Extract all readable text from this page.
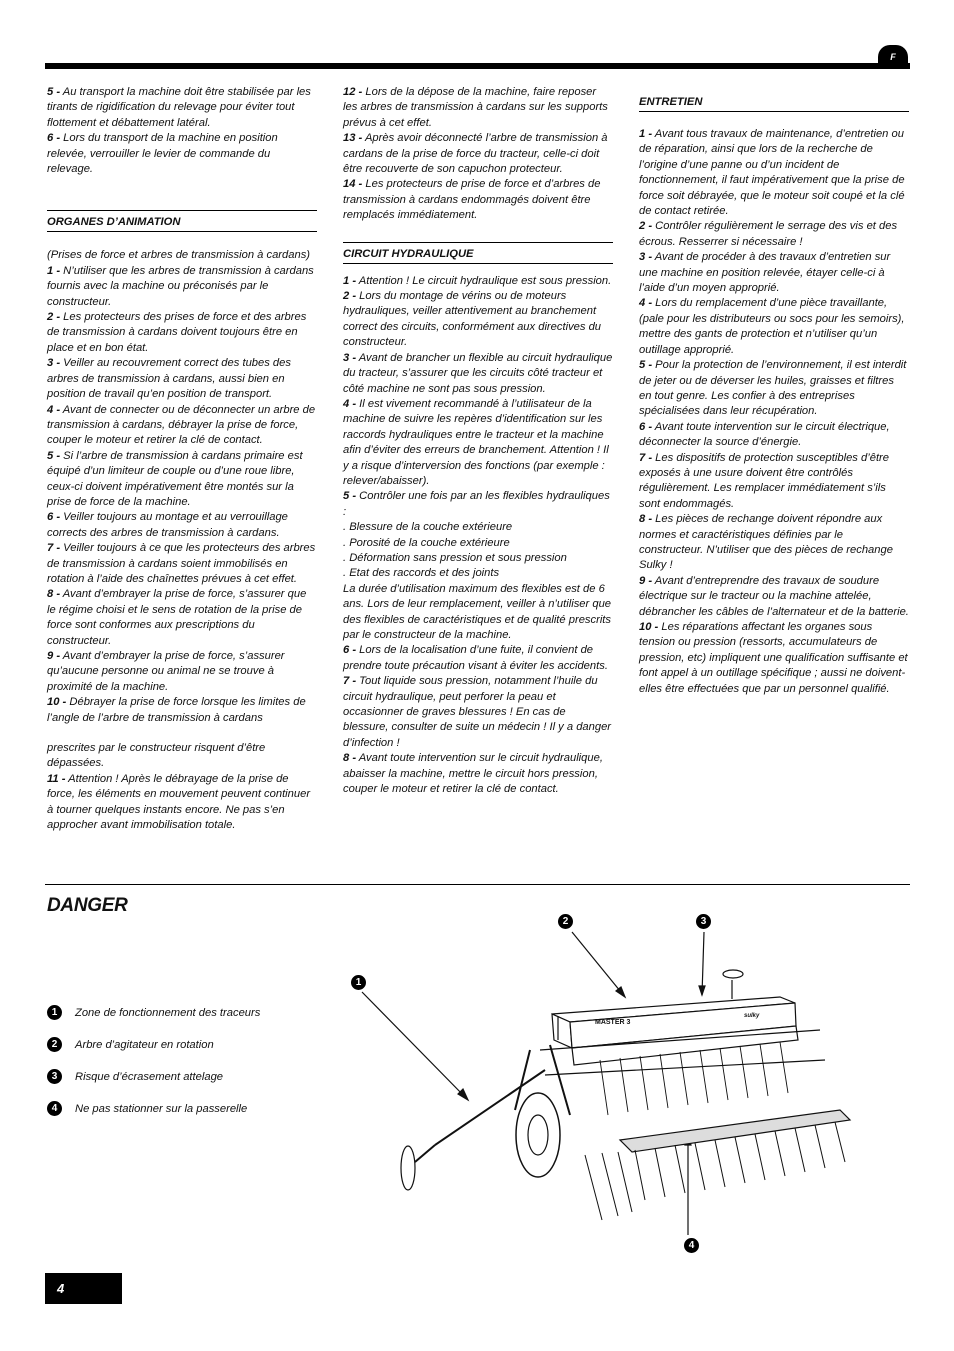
F

5 - Au transport la machine doit être stabilisée par les tirants de rigidification du relevage pour éviter tout flottement et débattement latéral.

6 - Lors du transport de la machine en position relevée, verrouiller le levier de commande du relevage.

ORGANES D’ANIMATION

(Prises de force et arbres de transmission à cardans)

1 - N’utiliser que les arbres de transmission à cardans fournis avec la machine ou préconisés par le constructeur.

2 - Les protecteurs des prises de force et des arbres de transmission à cardans doivent toujours être en place et en bon état.

3 - Veiller au recouvrement correct des tubes des arbres de transmission à cardans, aussi bien en position de travail qu’en position de transport.

4 - Avant de connecter ou de déconnecter un arbre de transmission à cardans, débrayer la prise de force, couper le moteur et retirer la clé de contact.

5 - Si l’arbre de transmission à cardans primaire est équipé d’un limiteur de couple ou d’une roue libre, ceux-ci doivent impérativement être montés sur la prise de force de la machine.

6 - Veiller toujours au montage et au verrouillage corrects des arbres de transmission à cardans.

7 - Veiller toujours à ce que les protecteurs des arbres de transmission à cardans soient immobilisés en rotation à l’aide des chaînettes prévues à cet effet.

8 - Avant d’embrayer la prise de force, s’assurer que le régime choisi et le sens de rotation de la prise de force sont conformes aux prescriptions du constructeur.

9 - Avant d’embrayer la prise de force, s’assurer qu’aucune personne ou animal ne se trouve à proximité de la machine.

10 - Débrayer la prise de force lorsque les limites de l’angle de l’arbre de transmission à cardans

prescrites par le constructeur risquent d’être dépassées.

11 - Attention ! Après le débrayage de la prise de force, les éléments en mouvement peuvent continuer à tourner quelques instants encore. Ne pas s’en approcher avant immobilisation totale.

12 - Lors de la dépose de la machine, faire reposer les arbres de transmission à cardans sur les supports prévus à cet effet.

13 - Après avoir déconnecté l’arbre de transmission à cardans de la prise de force du tracteur, celle-ci doit être recouverte de son capuchon protecteur.

14 - Les protecteurs de prise de force et d’arbres de transmission à cardans endommagés doivent être remplacés immédiatement.

CIRCUIT HYDRAULIQUE

1 - Attention ! Le circuit hydraulique est sous pression.

2 - Lors du montage de vérins ou de moteurs hydrauliques, veiller attentivement au branchement correct des circuits, conformément aux directives du constructeur.

3 - Avant de brancher un flexible au circuit hydraulique du tracteur, s’assurer que les circuits côté tracteur et côté machine ne sont pas sous pression.

4 - Il est vivement recommandé à l’utilisateur de la machine de suivre les repères d’identification sur les raccords hydrauliques entre le tracteur et la machine afin d’éviter des erreurs de branchement. Attention ! Il y a risque d’interversion des fonctions (par exemple : relever/abaisser).

5 - Contrôler une fois par an les flexibles hydrauliques :

. Blessure de la couche extérieure

. Porosité de la couche extérieure

. Déformation sans pression et sous pression

. Etat des raccords et des joints

La durée d’utilisation maximum des flexibles est de 6 ans. Lors de leur remplacement, veiller à n’utiliser que des flexibles de caractéristiques et de qualité prescrits par le constructeur de la machine.

6 - Lors de la localisation d’une fuite, il convient de prendre toute précaution visant à éviter les accidents.

7 - Tout liquide sous pression, notamment l’huile du circuit hydraulique, peut perforer la peau et occasionner de graves blessures ! En cas de blessure, consulter de suite un médecin ! Il y a danger d’infection !

8 - Avant toute intervention sur le circuit hydraulique, abaisser la machine, mettre le circuit hors pression, couper le moteur et retirer la clé de contact.

ENTRETIEN

1 - Avant tous travaux de maintenance, d’entretien ou de réparation, ainsi que lors de la recherche de l’origine d’une panne ou d’un incident de fonctionnement, il faut impérativement que la prise de force soit débrayée, que le moteur soit coupé et la clé de contact retirée.

2 - Contrôler régulièrement le serrage des vis et des écrous. Resserrer si nécessaire !

3 - Avant de procéder à des travaux d’entretien sur une machine en position relevée, étayer celle-ci à l’aide d’un moyen approprié.

4 - Lors du remplacement d’une pièce travaillante, (pale pour les distributeurs ou socs pour les semoirs), mettre des gants de protection et n’utiliser qu’un outillage approprié.

5 - Pour la protection de l’environnement, il est interdit de jeter ou de déverser les huiles, graisses et filtres en tout genre. Les confier à des entreprises spécialisées dans leur récupération.

6 - Avant toute intervention sur le circuit électrique, déconnecter la source d’énergie.

7 - Les dispositifs de protection susceptibles d’être exposés à une usure doivent être contrôlés régulièrement. Les remplacer immédiatement s’ils sont endommagés.

8 - Les pièces de rechange doivent répondre aux normes et caractéristiques définies par le constructeur. N’utiliser que des pièces de rechange Sulky !

9 - Avant d’entreprendre des travaux de soudure électrique sur le tracteur ou la machine attelée, débrancher les câbles de l’alternateur et de la batterie.

10 - Les réparations affectant les organes sous tension ou pression (ressorts, accumulateurs de pression, etc) impliquent une qualification suffisante et font appel à un outillage spécifique ; aussi ne doivent-elles être effectuées que par un personnel qualifié.

DANGER
1 Zone de fonctionnement des traceurs
2 Arbre d’agitateur en rotation
3 Risque d’écrasement attelage
4 Ne pas stationner sur la passerelle
1
2	3
4
MASTER 3
sulky
4
